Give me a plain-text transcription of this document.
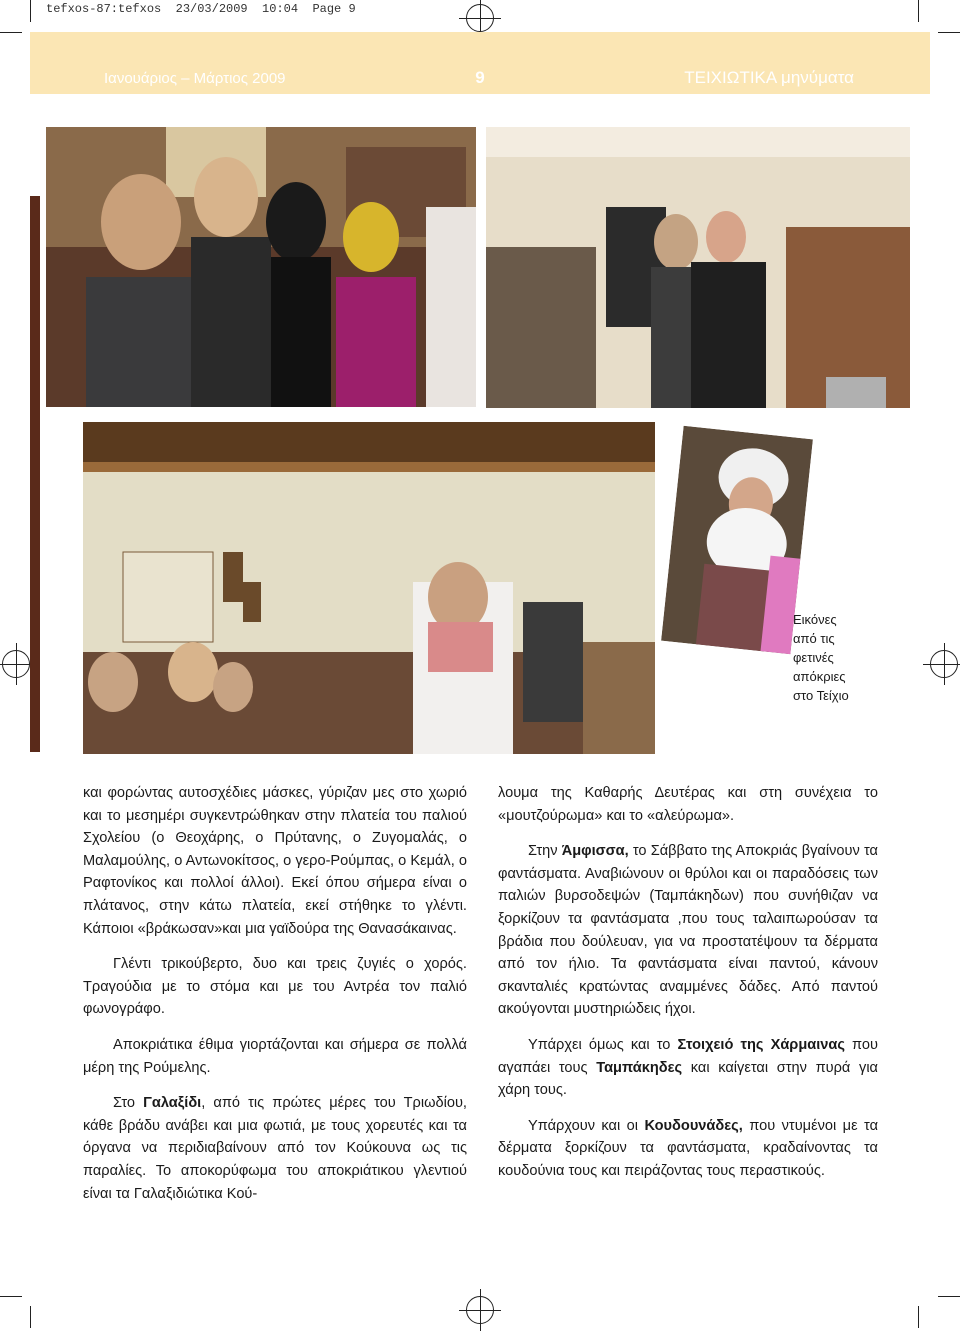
tefxos-87:tefxos  23/03/2009  10:04  Page 9
Ιανουάριος – Μάρτιος 2009	9	ΤΕΙΧΙΩΤΙΚΑ μηνύματα
Εικόνες
από τις
φετινές
απόκριες
στο Τείχιο

και φορώντας αυτοσχέδιες μάσκες, γύριζαν μες στο χωριό και το μεσημέρι συγκεντρώθηκαν στην πλατεία του παλιού Σχολείου (ο Θεοχάρης, ο Πρύτανης, ο Ζυγομαλάς, ο Μαλαμούλης, ο Αντωνοκίτσος, ο γερο-Ρούμπας, ο Κεμάλ, ο Ραφτονίκος και πολλοί άλλοι). Εκεί όπου σήμερα είναι ο πλάτανος, στην κάτω πλατεία, εκεί στήθηκε το γλέντι. Κάποιοι «βράκωσαν»και μια γαϊδούρα της Θανασάκαινας.

Γλέντι τρικούβερτο, δυο και τρεις ζυγιές ο χορός. Τραγούδια με το στόμα και με του Αντρέα τον παλιό φωνογράφο.

Αποκριάτικα έθιμα γιορτάζονται και σήμερα σε πολλά μέρη της Ρούμελης.

Στο Γαλαξίδι, από τις πρώτες μέρες του Τριωδίου, κάθε βράδυ ανάβει και μια φωτιά, με τους χορευτές και τα όργανα να περιδιαβαίνουν από τον Κούκουνα ως τις παραλίες. Το αποκορύφωμα του αποκριάτικου γλεντιού είναι τα Γαλαξιδιώτικα Κού-

λουμα της Καθαρής Δευτέρας και στη συνέχεια το «μουτζούρωμα» και το «αλεύρωμα».

Στην Άμφισσα, το Σάββατο της Αποκριάς βγαίνουν τα φαντάσματα. Αναβιώνουν οι θρύλοι και οι παραδόσεις των παλιών βυρσοδεψών (Ταμπάκηδων) που συνήθιζαν να ξορκίζουν τα φαντάσματα ,που τους ταλαιπωρούσαν τα βράδια που δούλευαν, για να προστατέψουν τα δέρματα από τον ήλιο. Τα φαντάσματα είναι παντού, κάνουν σκανταλιές κρατώντας αναμμένες δάδες. Από παντού ακούγονται μυστηριώδεις ήχοι.

Υπάρχει όμως και το Στοιχειό της Χάρμαινας που αγαπάει τους Ταμπάκηδες και καίγεται στην πυρά για χάρη τους.

Υπάρχουν και οι Κουδουνάδες, που ντυμένοι με τα δέρματα ξορκίζουν τα φαντάσματα, κραδαίνοντας τα κουδούνια τους και πειράζοντας τους περαστικούς.
